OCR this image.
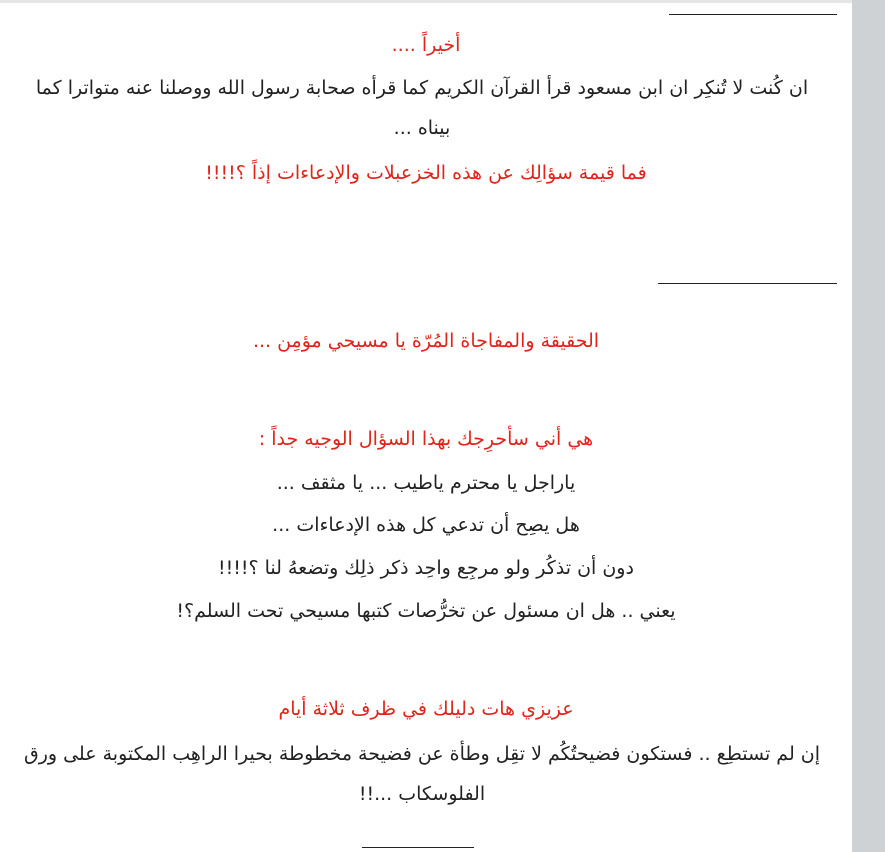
أخيراً ....
ان كُنت لا تُنكِر ان ابن مسعود قرأ القرآن الكريم كما قرأه صحابة رسول الله ووصلنا عنه متواترا كما بيناه ...
فما قيمة سؤالِك عن هذه الخزعبلات والإدعاءات إذاً ؟!!!!
الحقيقة والمفاجاة المُرّة يا مسيحي مؤمِن ...
هي أني سأحرِجك بهذا السؤال الوجيه جداً :
ياراجل يا محترم ياطيب ... يا مثقف ...
هل يصِح أن تدعي كل هذه الإدعاءات ...
دون أن تذكُر ولو مرجِع واحِد ذكر ذلِك وتضعهُ لنا ؟!!!!
يعني .. هل ان مسئول عن تخرُّصات كتبها مسيحي تحت السلم؟!
عزيزي هات دليلك في ظرف ثلاثة أيام
إن لم تستطِع .. فستكون فضيحتُكُم لا تقِل وطأة عن فضيحة مخطوطة بحيرا الراهِب المكتوبة على ورق الفلوسكاب ...!!
